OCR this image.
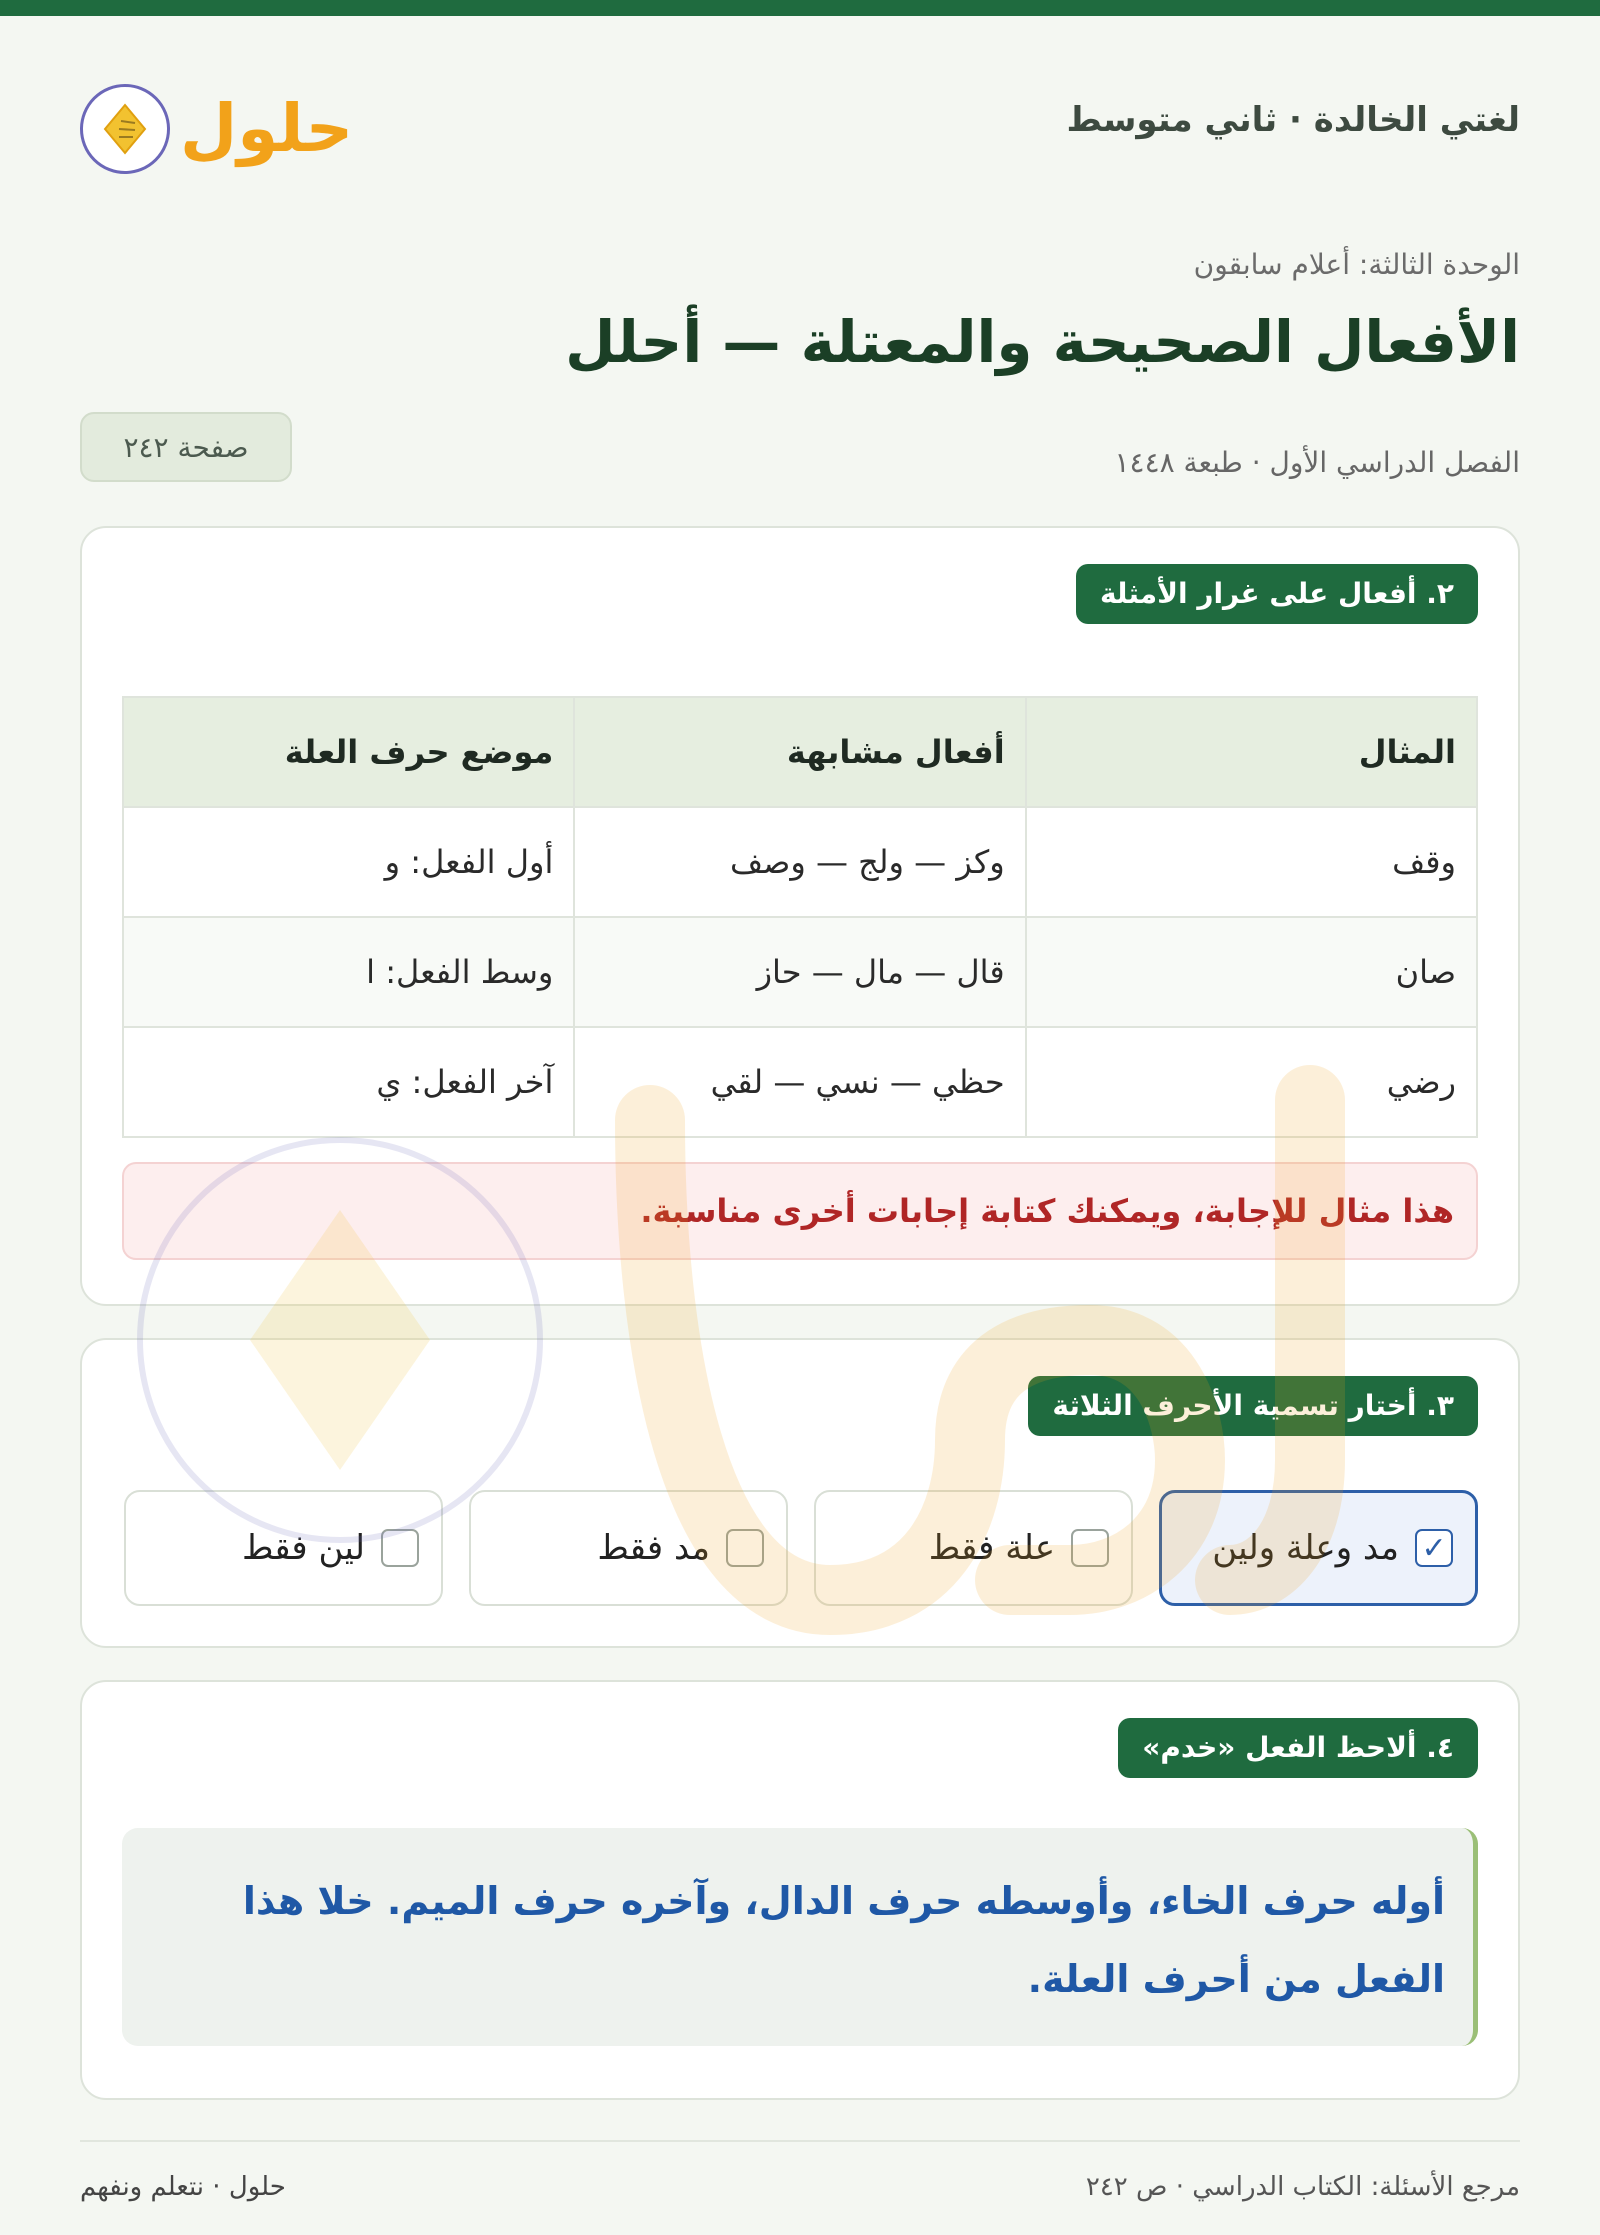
لغتي الخالدة · ثاني متوسط
حلول
الوحدة الثالثة: أعلام سابقون
الأفعال الصحيحة والمعتلة — أحلل
الفصل الدراسي الأول · طبعة ١٤٤٨
صفحة ٢٤٢
٢. أفعال على غرار الأمثلة
المثال	أفعال مشابهة	موضع حرف العلة
وقف	وكز — ولج — وصف	أول الفعل: و
صان	قال — مال — حاز	وسط الفعل: ا
رضي	حظي — نسي — لقي	آخر الفعل: ي
هذا مثال للإجابة، ويمكنك كتابة إجابات أخرى مناسبة.
٣. أختار تسمية الأحرف الثلاثة
✓
مد وعلة ولين
علة فقط
مد فقط
لين فقط
٤. ألاحظ الفعل «خدم»
أوله حرف الخاء، وأوسطه حرف الدال، وآخره حرف الميم. خلا هذا الفعل من أحرف العلة.
مرجع الأسئلة: الكتاب الدراسي · ص ٢٤٢
حلول · نتعلم ونفهم
